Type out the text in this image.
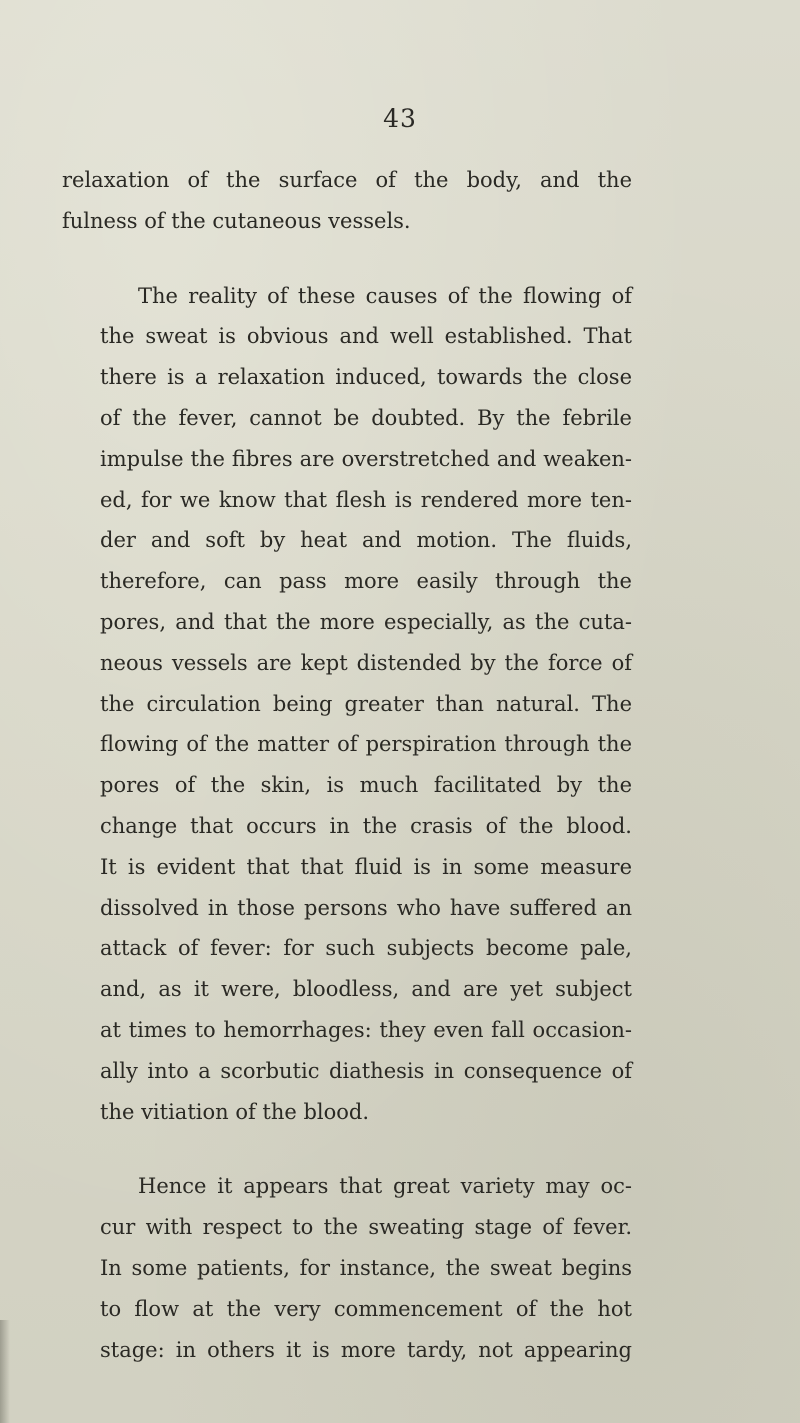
43
relaxation of the surface of the body, and the
fulness of the cutaneous vessels.
The reality of these causes of the flowing of
the sweat is obvious and well established. That
there is a relaxation induced, towards the close
of the fever, cannot be doubted. By the febrile
impulse the fibres are overstretched and weaken-
ed, for we know that flesh is rendered more ten-
der and soft by heat and motion. The fluids,
therefore, can pass more easily through the
pores, and that the more especially, as the cuta-
neous vessels are kept distended by the force of
the circulation being greater than natural. The
flowing of the matter of perspiration through the
pores of the skin, is much facilitated by the
change that occurs in the crasis of the blood.
It is evident that that fluid is in some measure
dissolved in those persons who have suffered an
attack of fever: for such subjects become pale,
and, as it were, bloodless, and are yet subject
at times to hemorrhages: they even fall occasion-
ally into a scorbutic diathesis in consequence of
the vitiation of the blood.
Hence it appears that great variety may oc-
cur with respect to the sweating stage of fever.
In some patients, for instance, the sweat begins
to flow at the very commencement of the hot
stage: in others it is more tardy, not appearing
